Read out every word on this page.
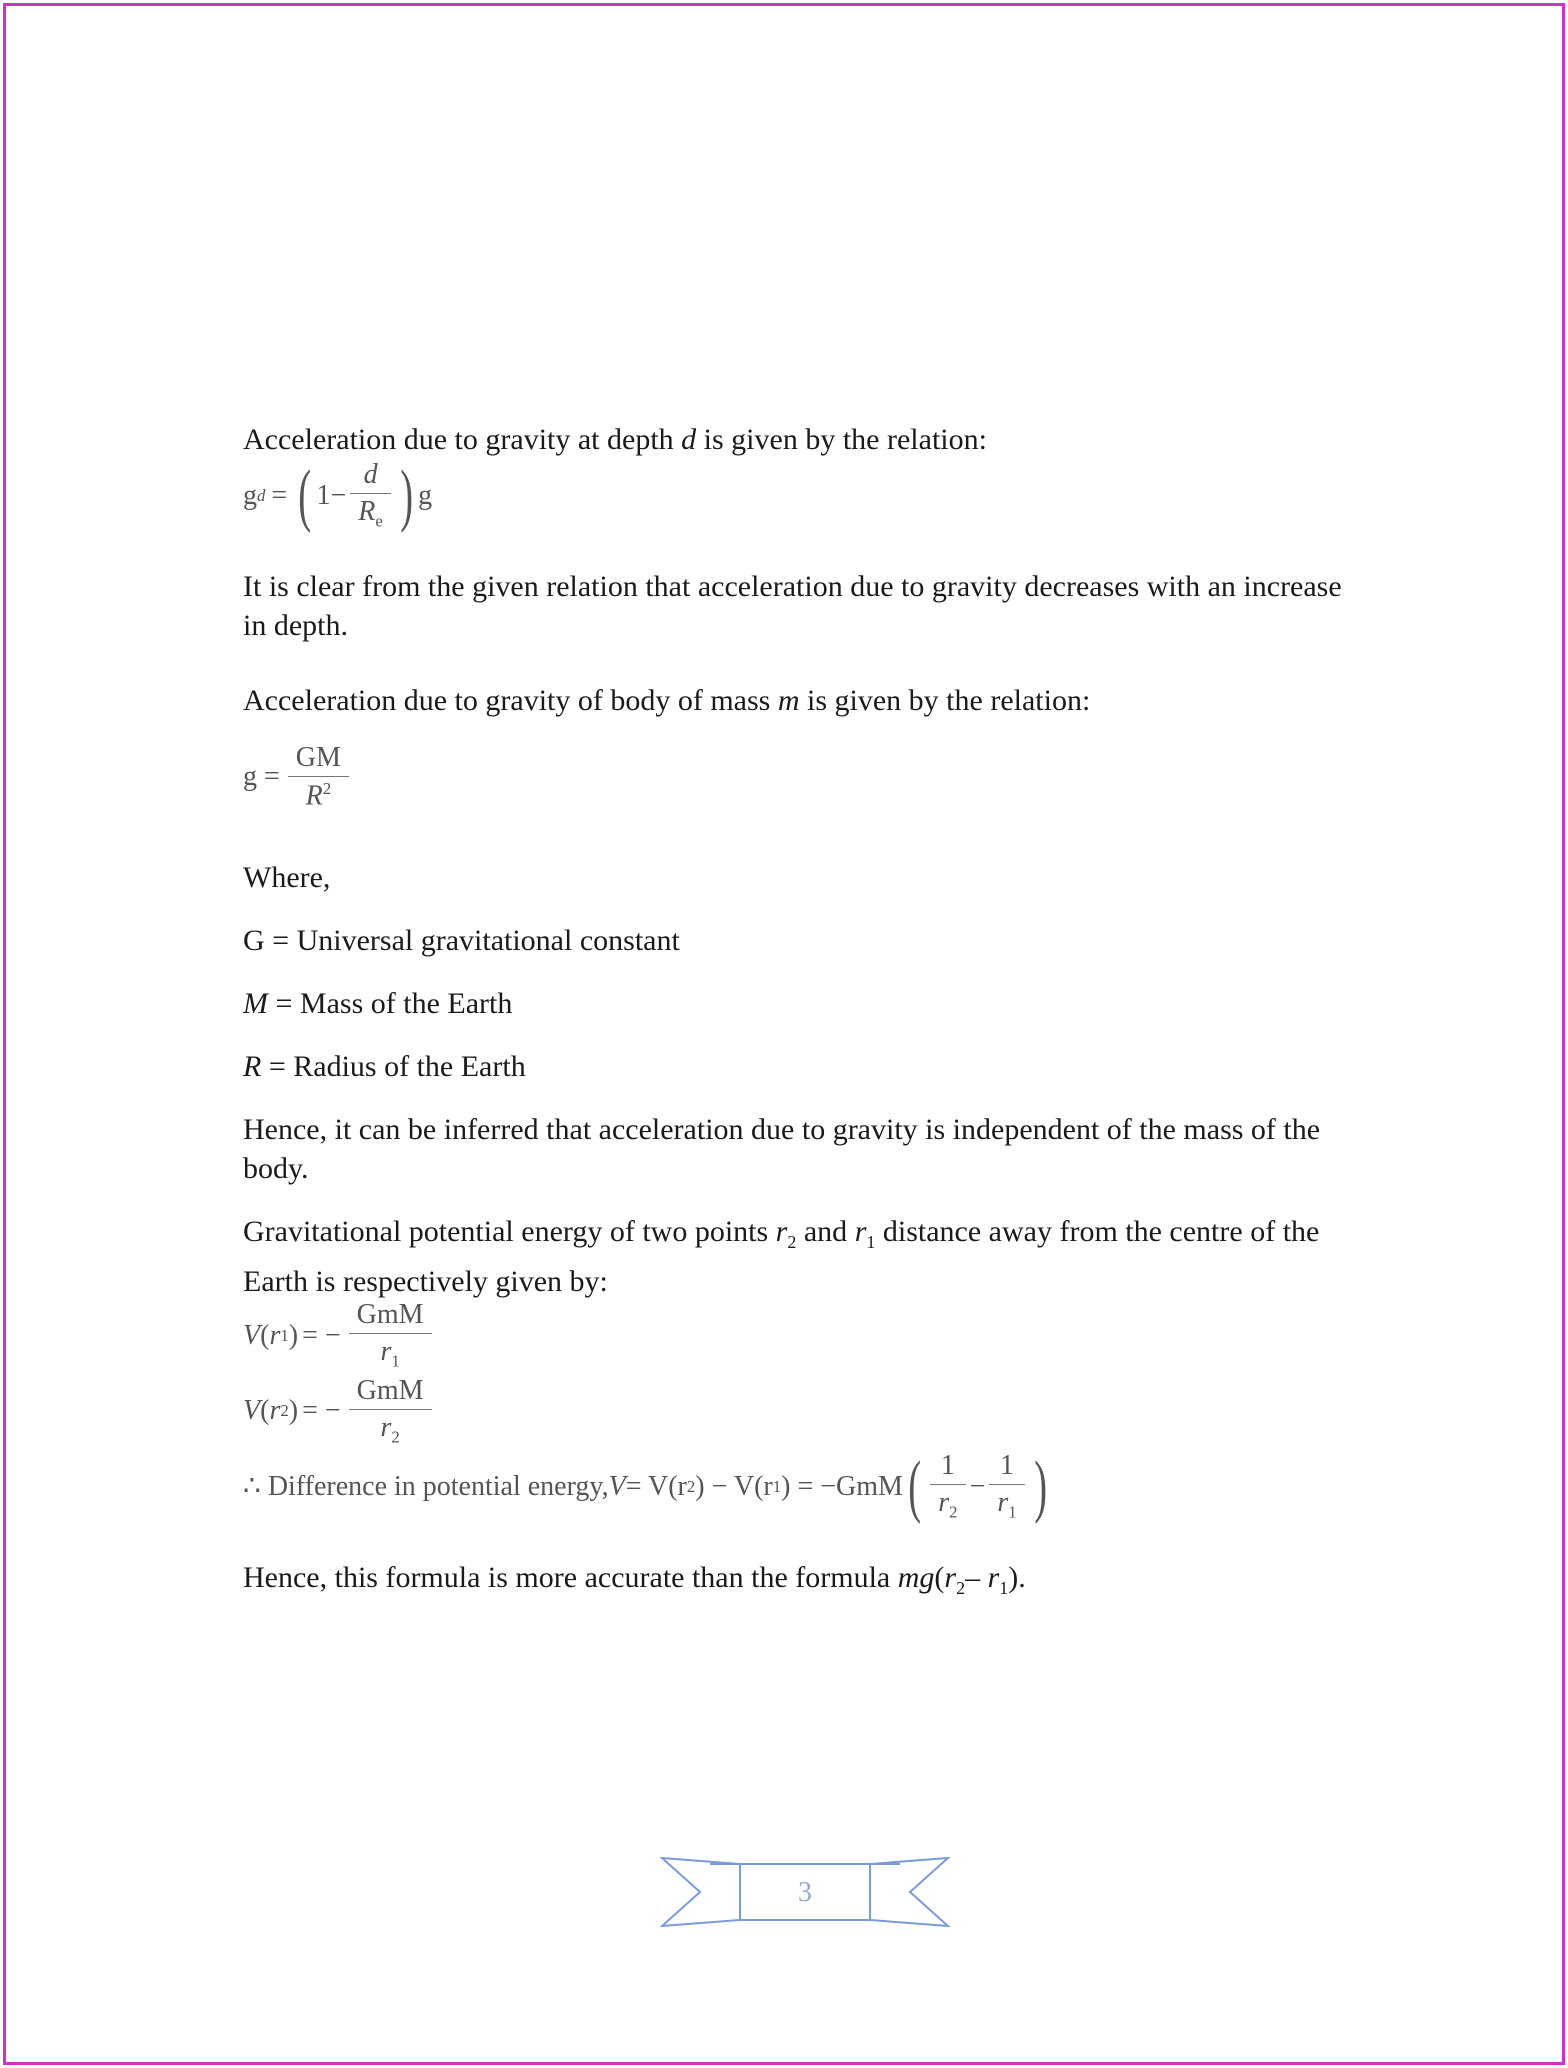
Acceleration due to gravity at depth d is given by the relation:

g d = ( $1- \frac{d}{R_e}$ ) g

It is clear from the given relation that acceleration due to gravity decreases with an increase in depth.

Acceleration due to gravity of body of mass m is given by the relation:

$g = \frac{GM}{R^2}$

Where,

G = Universal gravitational constant

M = Mass of the Earth

R = Radius of the Earth

Hence, it can be inferred that acceleration due to gravity is independent of the mass of the body.

Gravitational potential energy of two points $r_2$ and $r_1$ distance away from the centre of the Earth is respectively given by:

V ( r 1 ) = − $\frac{\text{GmM}}{r_1}$
V ( r 2 ) = − $\frac{\text{GmM}}{r_2}$
∴ Difference in potential energy, V = V(r 2 ) − V(r 1 ) = −GmM ( $\frac{1}{r_2} - \frac{1}{r_1}$ )

Hence, this formula is more accurate than the formula $mg(r_2-$ $r_1$).

3
